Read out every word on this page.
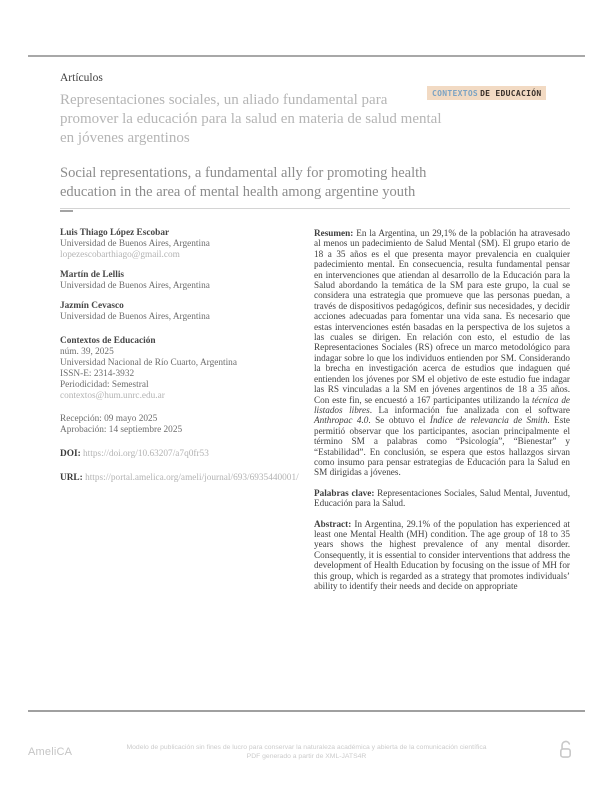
Artículos

Representaciones sociales, un aliado fundamental para promover la educación para la salud en materia de salud mental en jóvenes argentinos
Social representations, a fundamental ally for promoting health education in the area of mental health among argentine youth
CONTEXTOS DE EDUCACIÓN
Luis Thiago López Escobar
Universidad de Buenos Aires, Argentina
lopezescobarthiago@gmail.com
Martín de Lellis
Universidad de Buenos Aires, Argentina
Jazmín Cevasco
Universidad de Buenos Aires, Argentina
Contextos de Educación
núm. 39, 2025
Universidad Nacional de Río Cuarto, Argentina
ISSN-E: 2314-3932
Periodicidad: Semestral
contextos@hum.unrc.edu.ar
Recepción: 09 mayo 2025
Aprobación: 14 septiembre 2025

DOI: https://doi.org/10.63207/a7q0fr53

URL: https://portal.amelica.org/ameli/journal/693/6935440001/

Resumen: En la Argentina, un 29,1% de la población ha atravesado al menos un padecimiento de Salud Mental (SM). El grupo etario de 18 a 35 años es el que presenta mayor prevalencia en cualquier padecimiento mental. En consecuencia, resulta fundamental pensar en intervenciones que atiendan al desarrollo de la Educación para la Salud abordando la temática de la SM para este grupo, la cual se considera una estrategia que promueve que las personas puedan, a través de dispositivos pedagógicos, definir sus necesidades, y decidir acciones adecuadas para fomentar una vida sana. Es necesario que estas intervenciones estén basadas en la perspectiva de los sujetos a las cuales se dirigen. En relación con esto, el estudio de las Representaciones Sociales (RS) ofrece un marco metodológico para indagar sobre lo que los individuos entienden por SM. Considerando la brecha en investigación acerca de estudios que indaguen qué entienden los jóvenes por SM el objetivo de este estudio fue indagar las RS vinculadas a la SM en jóvenes argentinos de 18 a 35 años. Con este fin, se encuestó a 167 participantes utilizando la técnica de listados libres. La información fue analizada con el software Anthropac 4.0. Se obtuvo el Índice de relevancia de Smith. Este permitió observar que los participantes, asocian principalmente el término SM a palabras como “Psicología”, “Bienestar” y “Estabilidad”. En conclusión, se espera que estos hallazgos sirvan como insumo para pensar estrategias de Educación para la Salud en SM dirigidas a jóvenes.

Palabras clave: Representaciones Sociales, Salud Mental, Juventud, Educación para la Salud.

Abstract: In Argentina, 29.1% of the population has experienced at least one Mental Health (MH) condition. The age group of 18 to 35 years shows the highest prevalence of any mental disorder. Consequently, it is essential to consider interventions that address the development of Health Education by focusing on the issue of MH for this group, which is regarded as a strategy that promotes individuals’ ability to identify their needs and decide on appropriate

AmeliCA	Modelo de publicación sin fines de lucro para conservar la naturaleza académica y abierta de la comunicación científica
PDF generado a partir de XML-JATS4R
